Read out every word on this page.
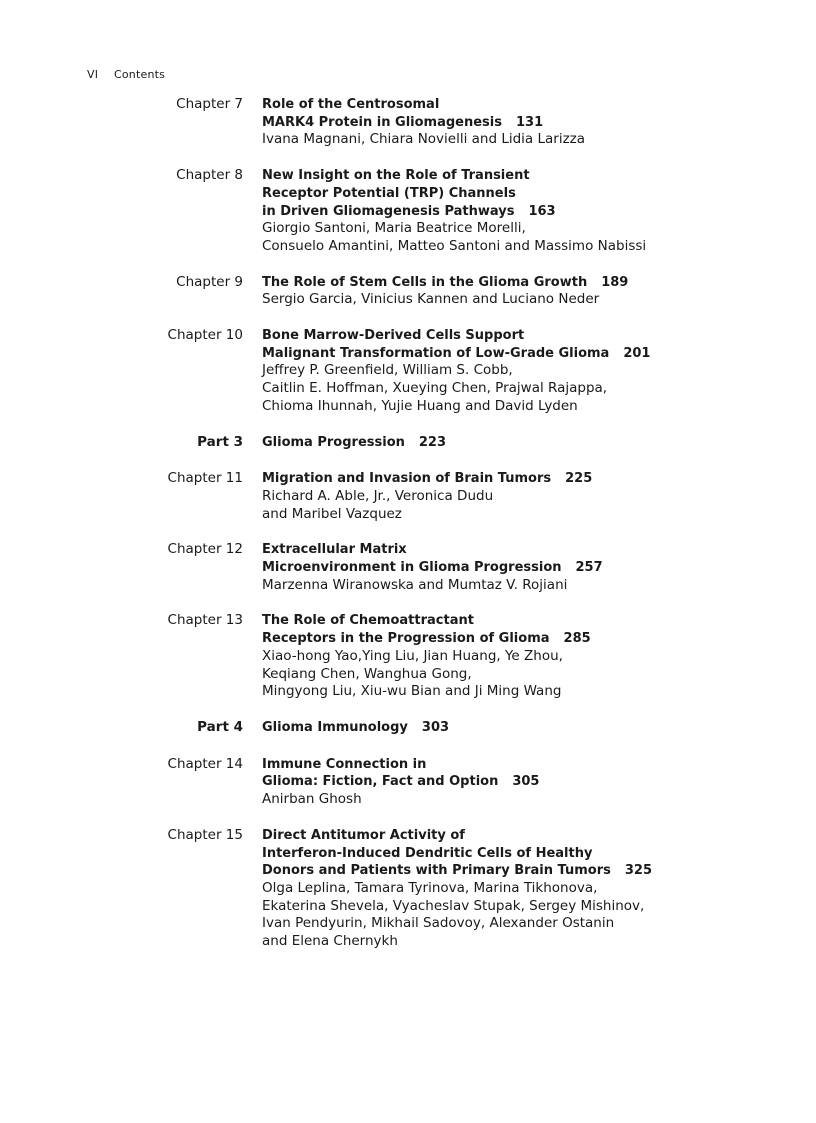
VI Contents
Chapter 7 Role of the Centrosomal
MARK4 Protein in Gliomagenesis 131
Ivana Magnani, Chiara Novielli and Lidia Larizza
Chapter 8 New Insight on the Role of Transient
Receptor Potential (TRP) Channels
in Driven Gliomagenesis Pathways 163
Giorgio Santoni, Maria Beatrice Morelli,
Consuelo Amantini, Matteo Santoni and Massimo Nabissi
Chapter 9 The Role of Stem Cells in the Glioma Growth 189
Sergio Garcia, Vinicius Kannen and Luciano Neder
Chapter 10 Bone Marrow-Derived Cells Support
Malignant Transformation of Low-Grade Glioma 201
Jeffrey P. Greenfield, William S. Cobb,
Caitlin E. Hoffman, Xueying Chen, Prajwal Rajappa,
Chioma Ihunnah, Yujie Huang and David Lyden
Part 3 Glioma Progression 223
Chapter 11 Migration and Invasion of Brain Tumors 225
Richard A. Able, Jr., Veronica Dudu
and Maribel Vazquez
Chapter 12 Extracellular Matrix
Microenvironment in Glioma Progression 257
Marzenna Wiranowska and Mumtaz V. Rojiani
Chapter 13 The Role of Chemoattractant
Receptors in the Progression of Glioma 285
Xiao-hong Yao,Ying Liu, Jian Huang, Ye Zhou,
Keqiang Chen, Wanghua Gong,
Mingyong Liu, Xiu-wu Bian and Ji Ming Wang
Part 4 Glioma Immunology 303
Chapter 14 Immune Connection in
Glioma: Fiction, Fact and Option 305
Anirban Ghosh
Chapter 15 Direct Antitumor Activity of
Interferon-Induced Dendritic Cells of Healthy
Donors and Patients with Primary Brain Tumors 325
Olga Leplina, Tamara Tyrinova, Marina Tikhonova,
Ekaterina Shevela, Vyacheslav Stupak, Sergey Mishinov,
Ivan Pendyurin, Mikhail Sadovoy, Alexander Ostanin
and Elena Chernykh
